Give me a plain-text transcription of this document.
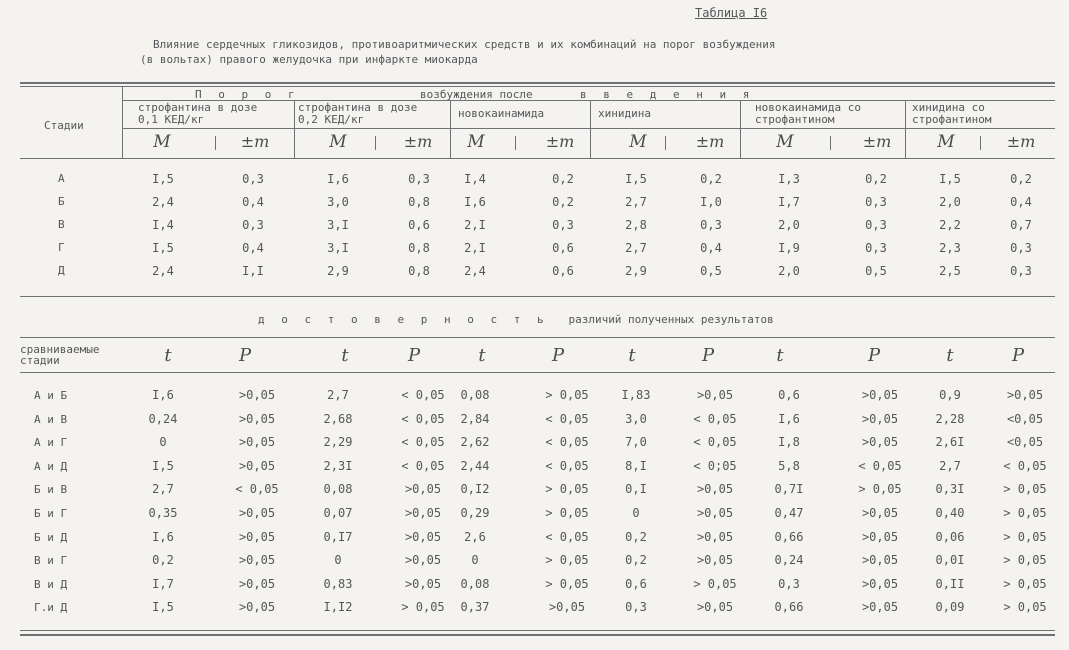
Таблица I6
Влияние сердечных гликозидов, противоаритмических средств и их комбинаций на порог возбуждения
(в вольтах) правого желудочка при инфаркте миокарда
Стадии
П о р о г	возбуждения после	в в е д е н и я
строфантина в дозе
0,1 КЕД/кг
строфантина в дозе
0,2 КЕД/кг	новокаинамида	хинидина	новокаинамида со
строфантином
хинидина со
строфантином
М	±m	М	±m	М	±m	М	±m	М	±m	М	±m
А	I,5	0,3	I,6	0,3	I,4	0,2	I,5	0,2	I,3	0,2	I,5	0,2
Б	2,4	0,4	3,0	0,8	I,6	0,2	2,7	I,0	I,7	0,3	2,0	0,4
В	I,4	0,3	3,I	0,6	2,I	0,3	2,8	0,3	2,0	0,3	2,2	0,7
Г	I,5	0,4	3,I	0,8	2,I	0,6	2,7	0,4	I,9	0,3	2,3	0,3
Д	2,4	I,I	2,9	0,8	2,4	0,6	2,9	0,5	2,0	0,5	2,5	0,3
д о с т о в е р н о с т ь различий полученных результатов
сравниваемые
стадии	t	P	t	P	t	P	t	P	t	P	t	P
А и Б	I,6	>0,05	2,7	< 0,05	0,08	> 0,05	I,83	>0,05	0,6	>0,05	0,9	>0,05
А и В	0,24	>0,05	2,68	< 0,05	2,84	< 0,05	3,0	< 0,05	I,6	>0,05	2,28	<0,05
А и Г	0	>0,05	2,29	< 0,05	2,62	< 0,05	7,0	< 0,05	I,8	>0,05	2,6I	<0,05
А и Д	I,5	>0,05	2,3I	< 0,05	2,44	< 0,05	8,I	< 0;05	5,8	< 0,05	2,7	< 0,05
Б и В	2,7	< 0,05	0,08	>0,05	0,I2	> 0,05	0,I	>0,05	0,7I	> 0,05	0,3I	> 0,05
Б и Г	0,35	>0,05	0,07	>0,05	0,29	> 0,05	0	>0,05	0,47	>0,05	0,40	> 0,05
Б и Д	I,6	>0,05	0,I7	>0,05	2,6	< 0,05	0,2	>0,05	0,66	>0,05	0,06	> 0,05
В и Г	0,2	>0,05	0	>0,05	0	> 0,05	0,2	>0,05	0,24	>0,05	0,0I	> 0,05
В и Д	I,7	>0,05	0,83	>0,05	0,08	> 0,05	0,6	> 0,05	0,3	>0,05	0,II	> 0,05
Г.и Д	I,5	>0,05	I,I2	> 0,05	0,37	>0,05	0,3	>0,05	0,66	>0,05	0,09	> 0,05
